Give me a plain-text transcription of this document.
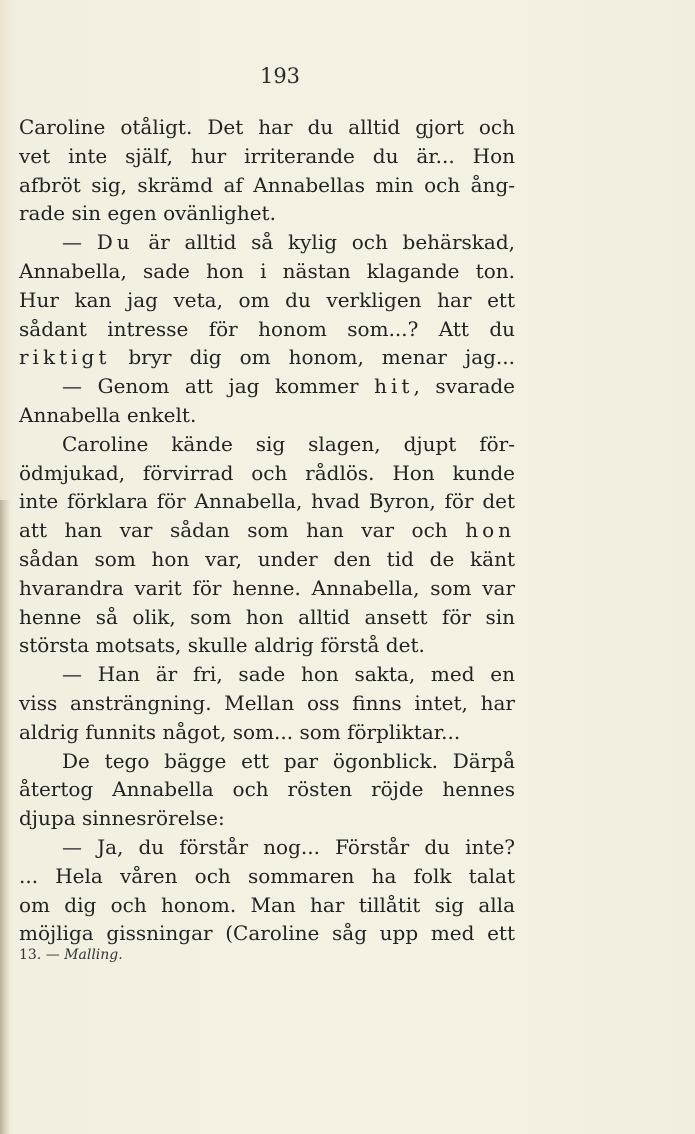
193
Caroline otåligt. Det har du alltid gjort och
vet inte själf, hur irriterande du är... Hon
afbröt sig, skrämd af Annabellas min och ång-
rade sin egen ovänlighet.
— Du är alltid så kylig och behärskad,
Annabella, sade hon i nästan klagande ton.
Hur kan jag veta, om du verkligen har ett
sådant intresse för honom som...? Att du
riktigt bryr dig om honom, menar jag...
— Genom att jag kommer hit, svarade
Annabella enkelt.
Caroline kände sig slagen, djupt för-
ödmjukad, förvirrad och rådlös. Hon kunde
inte förklara för Annabella, hvad Byron, för det
att han var sådan som han var och hon
sådan som hon var, under den tid de känt
hvarandra varit för henne. Annabella, som var
henne så olik, som hon alltid ansett för sin
största motsats, skulle aldrig förstå det.
— Han är fri, sade hon sakta, med en
viss ansträngning. Mellan oss finns intet, har
aldrig funnits något, som... som förpliktar...
De tego bägge ett par ögonblick. Därpå
återtog Annabella och rösten röjde hennes
djupa sinnesrörelse:
— Ja, du förstår nog... Förstår du inte?
... Hela våren och sommaren ha folk talat
om dig och honom. Man har tillåtit sig alla
möjliga gissningar (Caroline såg upp med ett
13. — Malling.
